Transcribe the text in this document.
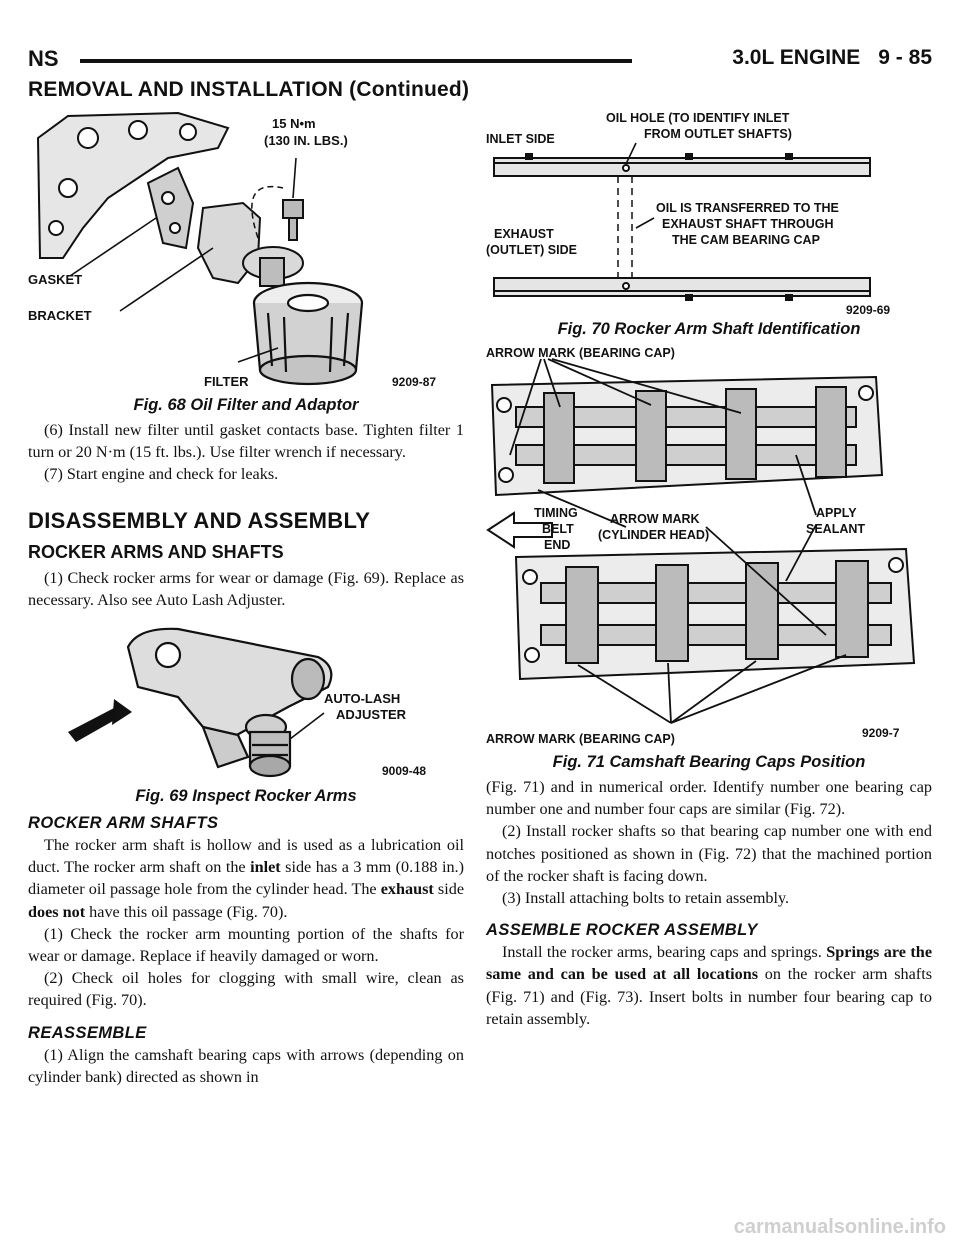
NS	3.0L ENGINE 9 - 85
REMOVAL AND INSTALLATION (Continued)
15 N•m
(130 IN. LBS.)
GASKET
BRACKET
FILTER	9209-87
Fig. 68 Oil Filter and Adaptor

(6) Install new filter until gasket contacts base. Tighten filter 1 turn or 20 N·m (15 ft. lbs.). Use filter wrench if necessary.

(7) Start engine and check for leaks.

DISASSEMBLY AND ASSEMBLY
ROCKER ARMS AND SHAFTS

(1) Check rocker arms for wear or damage (Fig. 69). Replace as necessary. Also see Auto Lash Adjuster.

AUTO-LASH
ADJUSTER
9009-48
Fig. 69 Inspect Rocker Arms
ROCKER ARM SHAFTS

The rocker arm shaft is hollow and is used as a lubrication oil duct. The rocker arm shaft on the inlet side has a 3 mm (0.188 in.) diameter oil passage hole from the cylinder head. The exhaust side does not have this oil passage (Fig. 70).

(1) Check the rocker arm mounting portion of the shafts for wear or damage. Replace if heavily damaged or worn.

(2) Check oil holes for clogging with small wire, clean as required (Fig. 70).

REASSEMBLE

(1) Align the camshaft bearing caps with arrows (depending on cylinder bank) directed as shown in

INLET SIDE
OIL HOLE (TO IDENTIFY INLET
FROM OUTLET SHAFTS)
OIL IS TRANSFERRED TO THE
EXHAUST SHAFT THROUGH
THE CAM BEARING CAP
EXHAUST
(OUTLET) SIDE
9209-69
Fig. 70 Rocker Arm Shaft Identification
ARROW MARK (BEARING CAP)
TIMING
BELT
END
ARROW MARK
(CYLINDER HEAD)
APPLY
SEALANT
ARROW MARK (BEARING CAP)	9209-7
Fig. 71 Camshaft Bearing Caps Position

(Fig. 71) and in numerical order. Identify number one bearing cap number one and number four caps are similar (Fig. 72).

(2) Install rocker shafts so that bearing cap number one with end notches positioned as shown in (Fig. 72) that the machined portion of the rocker shaft is facing down.

(3) Install attaching bolts to retain assembly.

ASSEMBLE ROCKER ASSEMBLY

Install the rocker arms, bearing caps and springs. Springs are the same and can be used at all locations on the rocker arm shafts (Fig. 71) and (Fig. 73). Insert bolts in number four bearing cap to retain assembly.

carmanualsonline.info
